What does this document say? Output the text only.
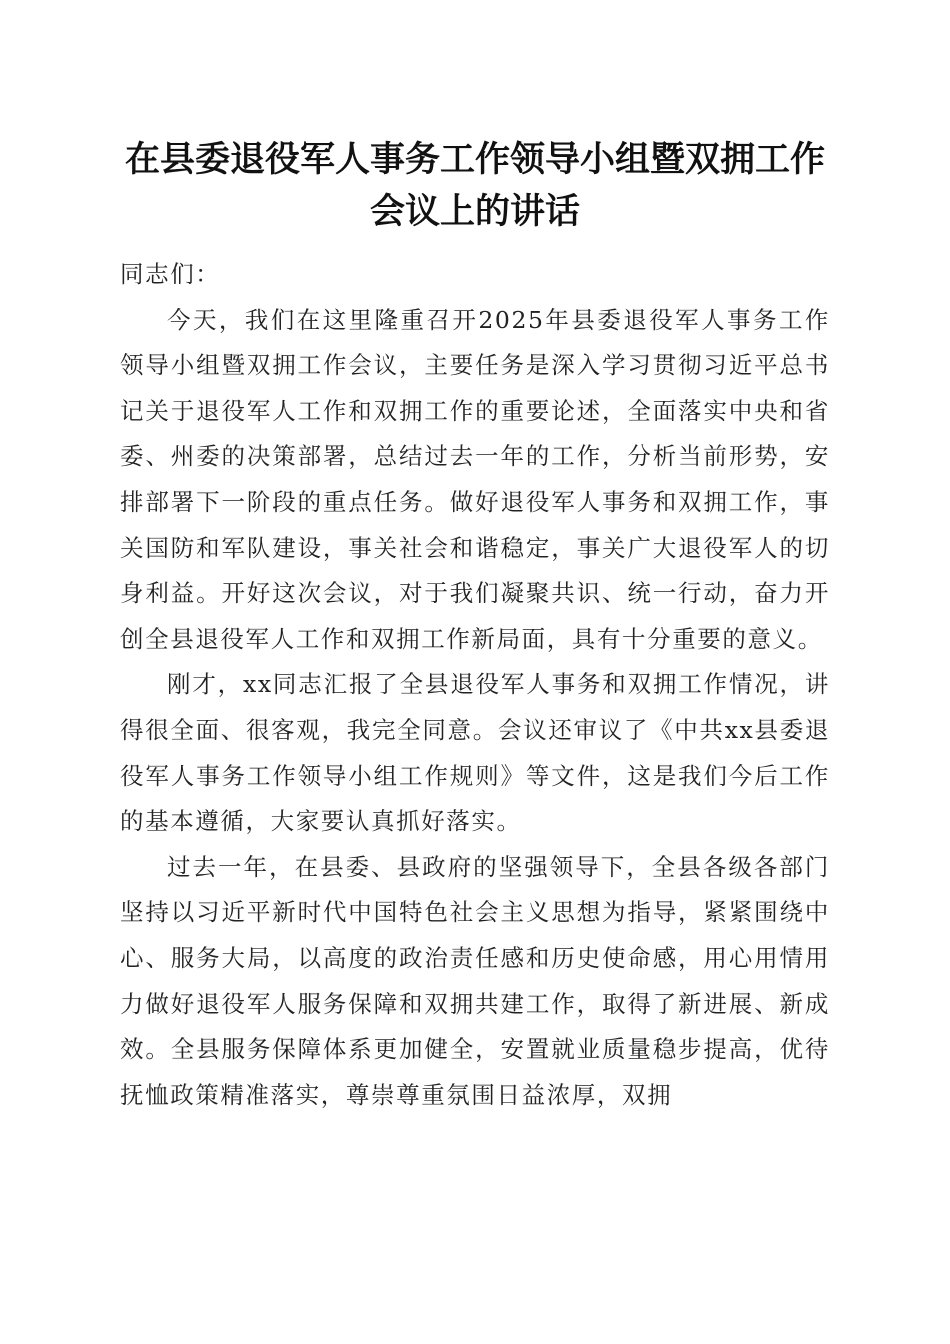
在县委退役军人事务工作领导小组暨双拥工作
会议上的讲话

同志们：

今天，我们在这里隆重召开2025年县委退役军人事务工作领导小组暨双拥工作会议，主要任务是深入学习贯彻习近平总书记关于退役军人工作和双拥工作的重要论述，全面落实中央和省委、州委的决策部署，总结过去一年的工作，分析当前形势，安排部署下一阶段的重点任务。做好退役军人事务和双拥工作，事关国防和军队建设，事关社会和谐稳定，事关广大退役军人的切身利益。开好这次会议，对于我们凝聚共识、统一行动，奋力开创全县退役军人工作和双拥工作新局面，具有十分重要的意义。

刚才，xx同志汇报了全县退役军人事务和双拥工作情况，讲得很全面、很客观，我完全同意。会议还审议了《中共xx县委退役军人事务工作领导小组工作规则》等文件，这是我们今后工作的基本遵循，大家要认真抓好落实。

过去一年，在县委、县政府的坚强领导下，全县各级各部门坚持以习近平新时代中国特色社会主义思想为指导，紧紧围绕中心、服务大局，以高度的政治责任感和历史使命感，用心用情用力做好退役军人服务保障和双拥共建工作，取得了新进展、新成效。全县服务保障体系更加健全，安置就业质量稳步提高，优待抚恤政策精准落实，尊崇尊重氛围日益浓厚，双拥
